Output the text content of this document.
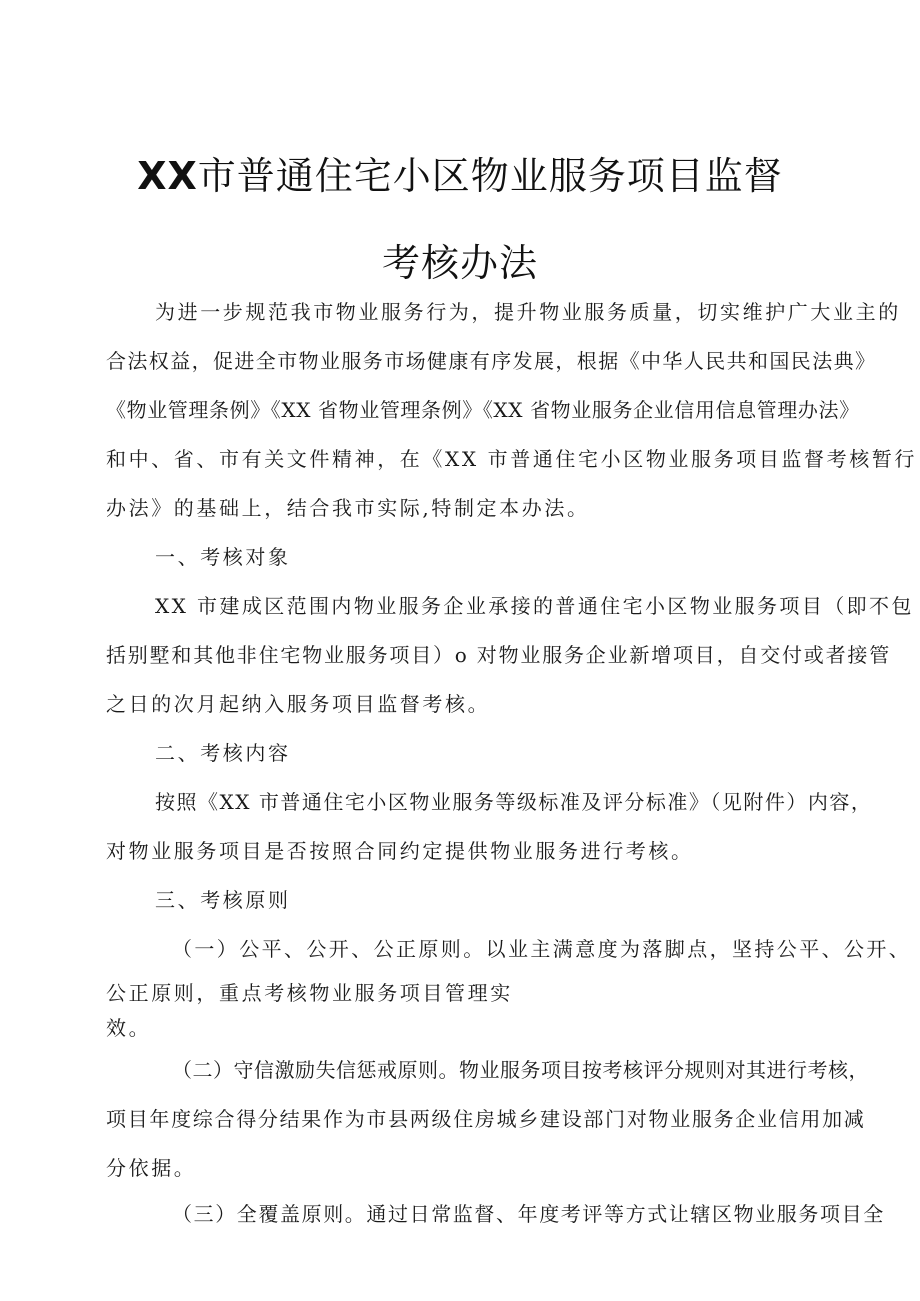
XX市普通住宅小区物业服务项目监督
考核办法

为进一步规范我市物业服务行为，提升物业服务质量，切实维护广大业主的

合法权益，促进全市物业服务市场健康有序发展，根据《中华人民共和国民法典》

《物业管理条例》《XX 省物业管理条例》《XX 省物业服务企业信用信息管理办法》

和中、省、市有关文件精神，在《XX 市普通住宅小区物业服务项目监督考核暂行

办法》的基础上，结合我市实际,特制定本办法。

一、考核对象

XX 市建成区范围内物业服务企业承接的普通住宅小区物业服务项目（即不包

括别墅和其他非住宅物业服务项目）o 对物业服务企业新增项目，自交付或者接管

之日的次月起纳入服务项目监督考核。

二、考核内容

按照《XX 市普通住宅小区物业服务等级标准及评分标准》（见附件）内容，

对物业服务项目是否按照合同约定提供物业服务进行考核。

三、考核原则

（一）公平、公开、公正原则。以业主满意度为落脚点，坚持公平、公开、

公正原则，重点考核物业服务项目管理实

效。

（二）守信激励失信惩戒原则。物业服务项目按考核评分规则对其进行考核，

项目年度综合得分结果作为市县两级住房城乡建设部门对物业服务企业信用加减

分依据。

（三）全覆盖原则。通过日常监督、年度考评等方式让辖区物业服务项目全
